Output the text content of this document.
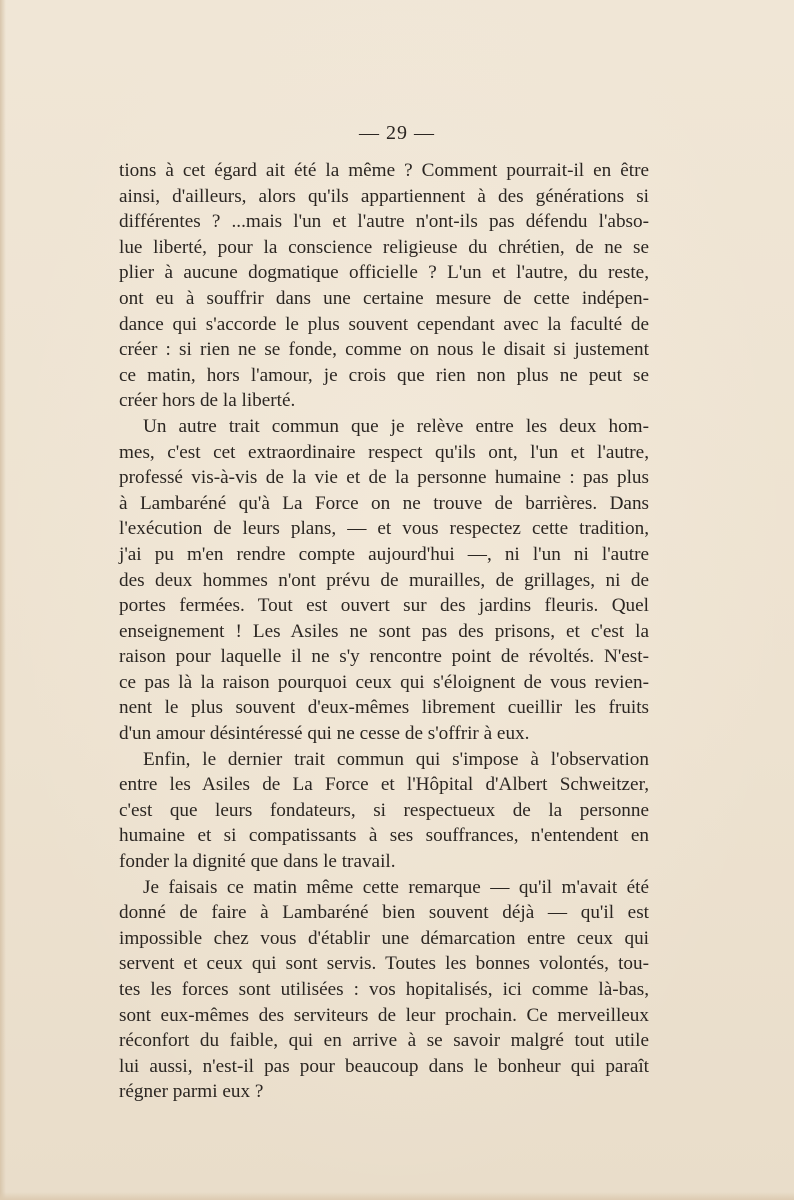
— 29 —
tions à cet égard ait été la même ? Comment pourrait-il en être
ainsi, d'ailleurs, alors qu'ils appartiennent à des générations si
différentes ? ...mais l'un et l'autre n'ont-ils pas défendu l'abso-
lue liberté, pour la conscience religieuse du chrétien, de ne se
plier à aucune dogmatique officielle ? L'un et l'autre, du reste,
ont eu à souffrir dans une certaine mesure de cette indépen-
dance qui s'accorde le plus souvent cependant avec la faculté de
créer : si rien ne se fonde, comme on nous le disait si justement
ce matin, hors l'amour, je crois que rien non plus ne peut se
créer hors de la liberté.
Un autre trait commun que je relève entre les deux hom-
mes, c'est cet extraordinaire respect qu'ils ont, l'un et l'autre,
professé vis-à-vis de la vie et de la personne humaine : pas plus
à Lambaréné qu'à La Force on ne trouve de barrières. Dans
l'exécution de leurs plans, — et vous respectez cette tradition,
j'ai pu m'en rendre compte aujourd'hui —, ni l'un ni l'autre
des deux hommes n'ont prévu de murailles, de grillages, ni de
portes fermées. Tout est ouvert sur des jardins fleuris. Quel
enseignement ! Les Asiles ne sont pas des prisons, et c'est la
raison pour laquelle il ne s'y rencontre point de révoltés. N'est-
ce pas là la raison pourquoi ceux qui s'éloignent de vous revien-
nent le plus souvent d'eux-mêmes librement cueillir les fruits
d'un amour désintéressé qui ne cesse de s'offrir à eux.
Enfin, le dernier trait commun qui s'impose à l'observation
entre les Asiles de La Force et l'Hôpital d'Albert Schweitzer,
c'est que leurs fondateurs, si respectueux de la personne
humaine et si compatissants à ses souffrances, n'entendent en
fonder la dignité que dans le travail.
Je faisais ce matin même cette remarque — qu'il m'avait été
donné de faire à Lambaréné bien souvent déjà — qu'il est
impossible chez vous d'établir une démarcation entre ceux qui
servent et ceux qui sont servis. Toutes les bonnes volontés, tou-
tes les forces sont utilisées : vos hopitalisés, ici comme là-bas,
sont eux-mêmes des serviteurs de leur prochain. Ce merveilleux
réconfort du faible, qui en arrive à se savoir malgré tout utile
lui aussi, n'est-il pas pour beaucoup dans le bonheur qui paraît
régner parmi eux ?
